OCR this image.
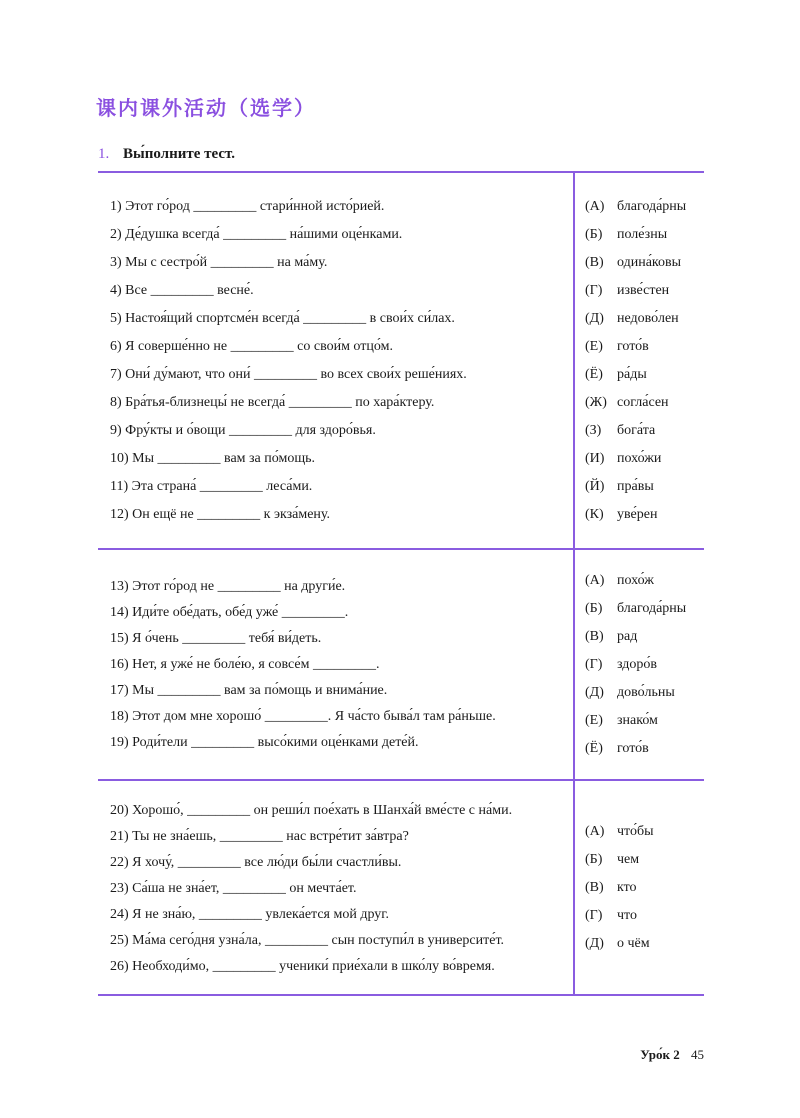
课内课外活动（选学）
1. Вы́полните тест.
1) Этот го́род _________ стари́нной исто́рией.
2) Де́душка всегда́ _________ на́шими оце́нками.
3) Мы с сестро́й _________ на ма́му.
4) Все _________ весне́.
5) Настоя́щий спортсме́н всегда́ _________ в свои́х си́лах.
6) Я соверше́нно не _________ со свои́м отцо́м.
7) Они́ ду́мают, что они́ _________ во всех свои́х реше́ниях.
8) Бра́тья-близнецы́ не всегда́ _________ по хара́ктеру.
9) Фру́кты и о́вощи _________ для здоро́вья.
10) Мы _________ вам за по́мощь.
11) Эта страна́ _________ леса́ми.
12) Он ещё не _________ к экза́мену.
(А) благода́рны
(Б) поле́зны
(В) одина́ковы
(Г) изве́стен
(Д) недово́лен
(Е) гото́в
(Ё) ра́ды
(Ж) согла́сен
(З) бога́та
(И) похо́жи
(Й) пра́вы
(К) уве́рен
13) Этот го́род не _________ на други́е.
14) Иди́те обе́дать, обе́д уже́ _________.
15) Я о́чень _________ тебя́ ви́деть.
16) Нет, я уже́ не боле́ю, я совсе́м _________.
17) Мы _________ вам за по́мощь и внима́ние.
18) Этот дом мне хорошо́ _________. Я ча́сто быва́л там ра́ньше.
19) Роди́тели _________ высо́кими оце́нками дете́й.
(А) похо́ж
(Б) благода́рны
(В) рад
(Г) здоро́в
(Д) дово́льны
(Е) знако́м
(Ё) гото́в
20) Хорошо́, _________ он реши́л пое́хать в Шанха́й вме́сте с на́ми.
21) Ты не зна́ешь, _________ нас встре́тит за́втра?
22) Я хочу́, _________ все лю́ди бы́ли счастли́вы.
23) Са́ша не зна́ет, _________ он мечта́ет.
24) Я не зна́ю, _________ увлека́ется мой друг.
25) Ма́ма сего́дня узна́ла, _________ сын поступи́л в университе́т.
26) Необходи́мо, _________ ученики́ прие́хали в шко́лу во́время.
(А) что́бы
(Б) чем
(В) кто
(Г) что
(Д) о чём
Уро́к 2 45
